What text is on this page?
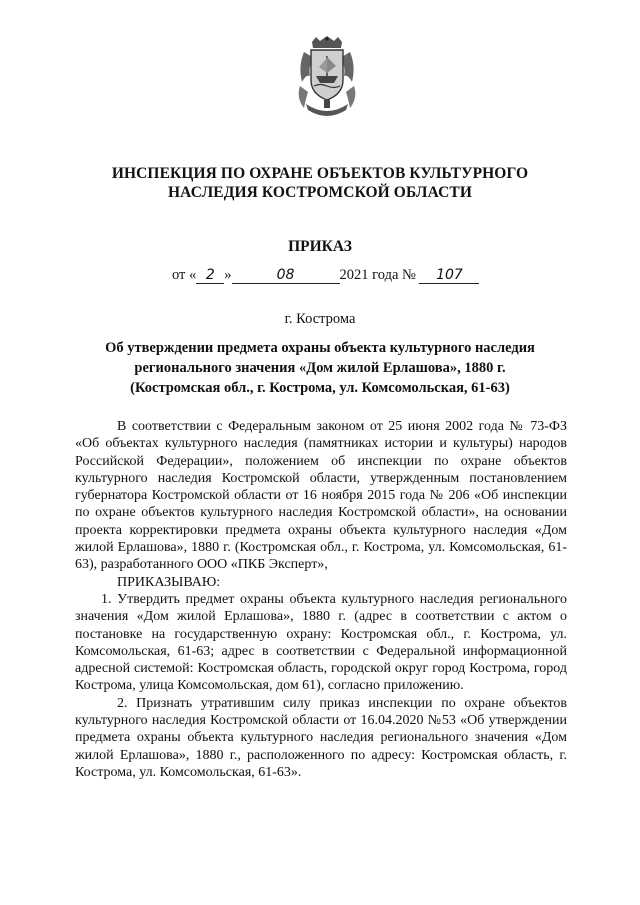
ИНСПЕКЦИЯ ПО ОХРАНЕ ОБЪЕКТОВ КУЛЬТУРНОГО
НАСЛЕДИЯ КОСТРОМСКОЙ ОБЛАСТИ
ПРИКАЗ
от « 2 »	08	2021 года № 107
г. Кострома
Об утверждении предмета охраны объекта культурного наследия
регионального значения «Дом жилой Ерлашова», 1880 г.
(Костромская обл., г. Кострома, ул. Комсомольская, 61-63)

В соответствии с Федеральным законом от 25 июня 2002 года № 73-ФЗ «Об объектах культурного наследия (памятниках истории и культуры) народов Российской Федерации», положением об инспекции по охране объектов культурного наследия Костромской области, утвержденным постановлением губернатора Костромской области от 16 ноября 2015 года № 206 «Об инспекции по охране объектов культурного наследия Костромской области», на основании проекта корректировки предмета охраны объекта культурного наследия «Дом жилой Ерлашова», 1880 г. (Костромская обл., г. Кострома, ул. Комсомольская, 61-63), разработанного ООО «ПКБ Эксперт»,

ПРИКАЗЫВАЮ:

1. Утвердить предмет охраны объекта культурного наследия регионального значения «Дом жилой Ерлашова», 1880 г. (адрес в соответствии с актом о постановке на государственную охрану: Костромская обл., г. Кострома, ул. Комсомольская, 61-63; адрес в соответствии с Федеральной информационной адресной системой: Костромская область, городской округ город Кострома, город Кострома, улица Комсомольская, дом 61), согласно приложению.

2. Признать утратившим силу приказ инспекции по охране объектов культурного наследия Костромской области от 16.04.2020 №53 «Об утверждении предмета охраны объекта культурного наследия регионального значения «Дом жилой Ерлашова», 1880 г., расположенного по адресу: Костромская область, г. Кострома, ул. Комсомольская, 61-63».
